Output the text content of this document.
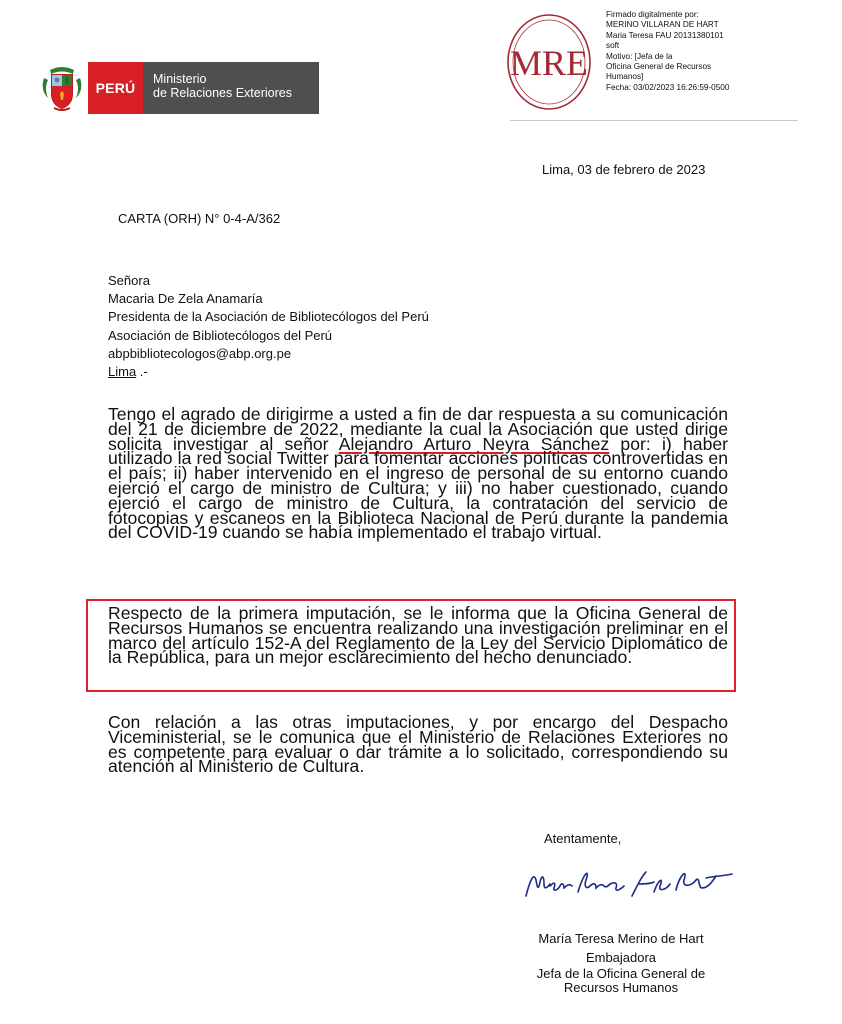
PERÚ
Ministerio
de Relaciones Exteriores
MRE
Firmado digitalmente por:
MERINO VILLARAN DE HART
Maria Teresa FAU 20131380101
soft
Motivo: [Jefa de la
Oficina General de Recursos
Humanos]
Fecha: 03/02/2023 16:26:59-0500
Lima, 03 de febrero de 2023
CARTA (ORH) N° 0-4-A/362
Señora
Macaria De Zela Anamaría
Presidenta de la Asociación de Bibliotecólogos del Perú
Asociación de Bibliotecólogos del Perú
abpbibliotecologos@abp.org.pe
Lima .-
Tengo el agrado de dirigirme a usted a fin de dar respuesta a su comunicación del 21 de diciembre de 2022, mediante la cual la Asociación que usted dirige solicita investigar al señor Alejandro Arturo Neyra Sánchez por: i) haber utilizado la red social Twitter para fomentar acciones políticas controvertidas en el país; ii) haber intervenido en el ingreso de personal de su entorno cuando ejerció el cargo de ministro de Cultura; y iii) no haber cuestionado, cuando ejerció el cargo de ministro de Cultura, la contratación del servicio de fotocopias y escaneos en la Biblioteca Nacional de Perú durante la pandemia del COVID-19 cuando se había implementado el trabajo virtual.
Respecto de la primera imputación, se le informa que la Oficina General de Recursos Humanos se encuentra realizando una investigación preliminar en el marco del artículo 152-A del Reglamento de la Ley del Servicio Diplomático de la República, para un mejor esclarecimiento del hecho denunciado.
Con relación a las otras imputaciones, y por encargo del Despacho Viceministerial, se le comunica que el Ministerio de Relaciones Exteriores no es competente para evaluar o dar trámite a lo solicitado, correspondiendo su atención al Ministerio de Cultura.
Atentamente,
María Teresa Merino de Hart
Embajadora
Jefa de la Oficina General de
Recursos Humanos
